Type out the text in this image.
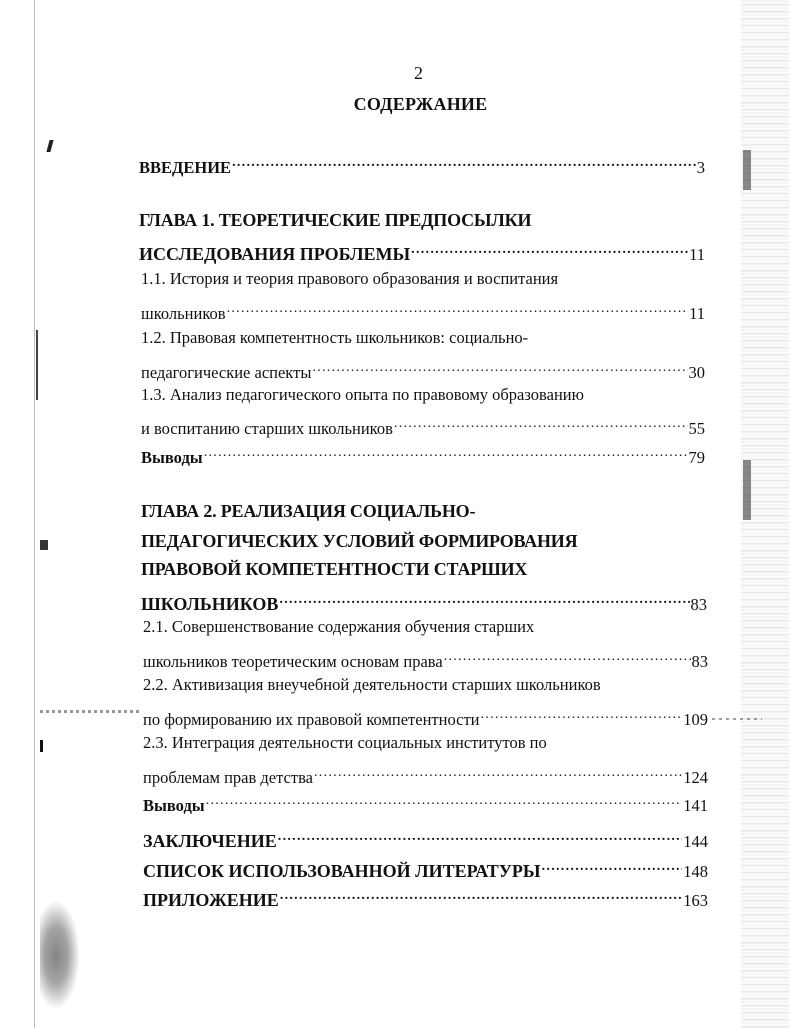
2
СОДЕРЖАНИЕ
ВВЕДЕНИЕ .....	3
ГЛАВА 1. ТЕОРЕТИЧЕСКИЕ ПРЕДПОСЫЛКИ
ИССЛЕДОВАНИЯ ПРОБЛЕМЫ .....	11
1.1. История и теория правового образования и воспитания
школьников .....	11
1.2. Правовая компетентность школьников: социально-
педагогические аспекты .....	30
1.3. Анализ педагогического опыта по правовому образованию
и воспитанию старших школьников .....	55
Выводы .....	79
ГЛАВА 2. РЕАЛИЗАЦИЯ СОЦИАЛЬНО-
ПЕДАГОГИЧЕСКИХ УСЛОВИЙ ФОРМИРОВАНИЯ
ПРАВОВОЙ КОМПЕТЕНТНОСТИ СТАРШИХ
ШКОЛЬНИКОВ .....	83
2.1. Совершенствование содержания обучения старших
школьников теоретическим основам права .....	83
2.2. Активизация внеучебной деятельности старших школьников
по формированию их правовой компетентности .....	109
2.3. Интеграция деятельности социальных институтов по
проблемам прав детства .....	124
Выводы .....	141
ЗАКЛЮЧЕНИЕ .....	144
СПИСОК ИСПОЛЬЗОВАННОЙ ЛИТЕРАТУРЫ .....	148
ПРИЛОЖЕНИЕ .....	163
